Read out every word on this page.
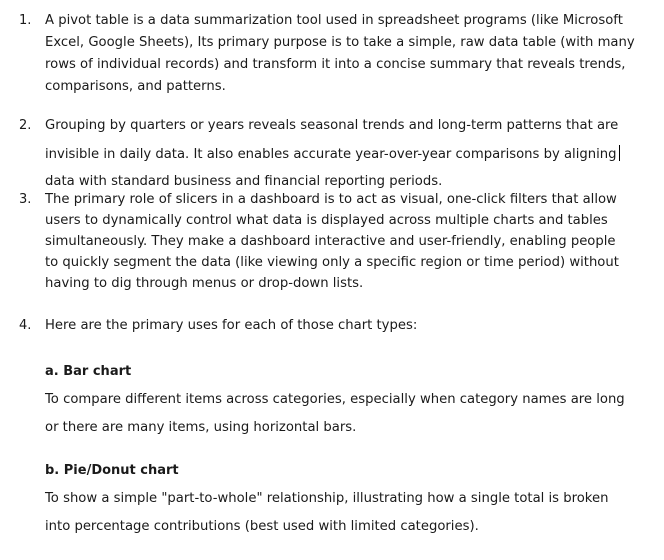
1. A pivot table is a data summarization tool used in spreadsheet programs (like Microsoft
Excel, Google Sheets), Its primary purpose is to take a simple, raw data table (with many
rows of individual records) and transform it into a concise summary that reveals trends,
comparisons, and patterns.
2. Grouping by quarters or years reveals seasonal trends and long-term patterns that are
invisible in daily data. It also enables accurate year-over-year comparisons by aligning
data with standard business and financial reporting periods.
3. The primary role of slicers in a dashboard is to act as visual, one-click filters that allow
users to dynamically control what data is displayed across multiple charts and tables
simultaneously. They make a dashboard interactive and user-friendly, enabling people
to quickly segment the data (like viewing only a specific region or time period) without
having to dig through menus or drop-down lists.
4. Here are the primary uses for each of those chart types:
a. Bar chart
To compare different items across categories, especially when category names are long
or there are many items, using horizontal bars.
b. Pie/Donut chart
To show a simple "part-to-whole" relationship, illustrating how a single total is broken
into percentage contributions (best used with limited categories).
